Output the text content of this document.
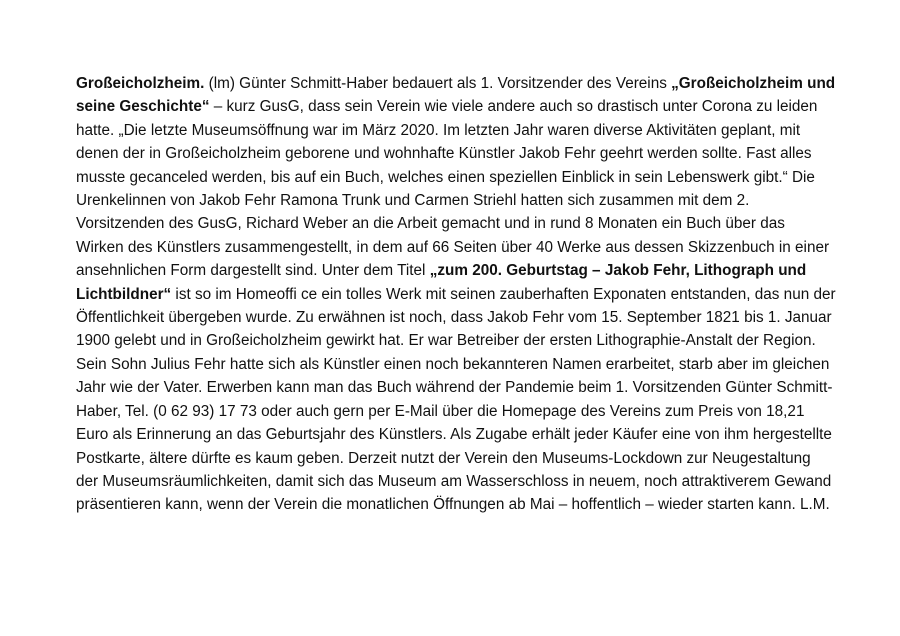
Großeicholzheim. (lm) Günter Schmitt-Haber bedauert als 1. Vorsitzender des Vereins „Großeicholzheim und seine Geschichte“ – kurz GusG, dass sein Verein wie viele andere auch so drastisch unter Corona zu leiden hatte. „Die letzte Museumsöffnung war im März 2020. Im letzten Jahr waren diverse Aktivitäten geplant, mit denen der in Großeicholzheim geborene und wohnhafte Künstler Jakob Fehr geehrt werden sollte. Fast alles musste gecanceled werden, bis auf ein Buch, welches einen speziellen Einblick in sein Lebenswerk gibt.“ Die Urenkelinnen von Jakob Fehr Ramona Trunk und Carmen Striehl hatten sich zusammen mit dem 2. Vorsitzenden des GusG, Richard Weber an die Arbeit gemacht und in rund 8 Monaten ein Buch über das Wirken des Künstlers zusammengestellt, in dem auf 66 Seiten über 40 Werke aus dessen Skizzenbuch in einer ansehnlichen Form dargestellt sind. Unter dem Titel „zum 200. Geburtstag – Jakob Fehr, Lithograph und Lichtbildner“ ist so im Homeoffi ce ein tolles Werk mit seinen zauberhaften Exponaten entstanden, das nun der Öffentlichkeit übergeben wurde. Zu erwähnen ist noch, dass Jakob Fehr vom 15. September 1821 bis 1. Januar 1900 gelebt und in Großeicholzheim gewirkt hat. Er war Betreiber der ersten Lithographie-Anstalt der Region. Sein Sohn Julius Fehr hatte sich als Künstler einen noch bekannteren Namen erarbeitet, starb aber im gleichen Jahr wie der Vater. Erwerben kann man das Buch während der Pandemie beim 1. Vorsitzenden Günter Schmitt-Haber, Tel. (0 62 93) 17 73 oder auch gern per E-Mail über die Homepage des Vereins zum Preis von 18,21 Euro als Erinnerung an das Geburtsjahr des Künstlers. Als Zugabe erhält jeder Käufer eine von ihm hergestellte Postkarte, ältere dürfte es kaum geben. Derzeit nutzt der Verein den Museums-Lockdown zur Neugestaltung der Museumsräumlichkeiten, damit sich das Museum am Wasserschloss in neuem, noch attraktiverem Gewand präsentieren kann, wenn der Verein die monatlichen Öffnungen ab Mai – hoffentlich – wieder starten kann. L.M.
